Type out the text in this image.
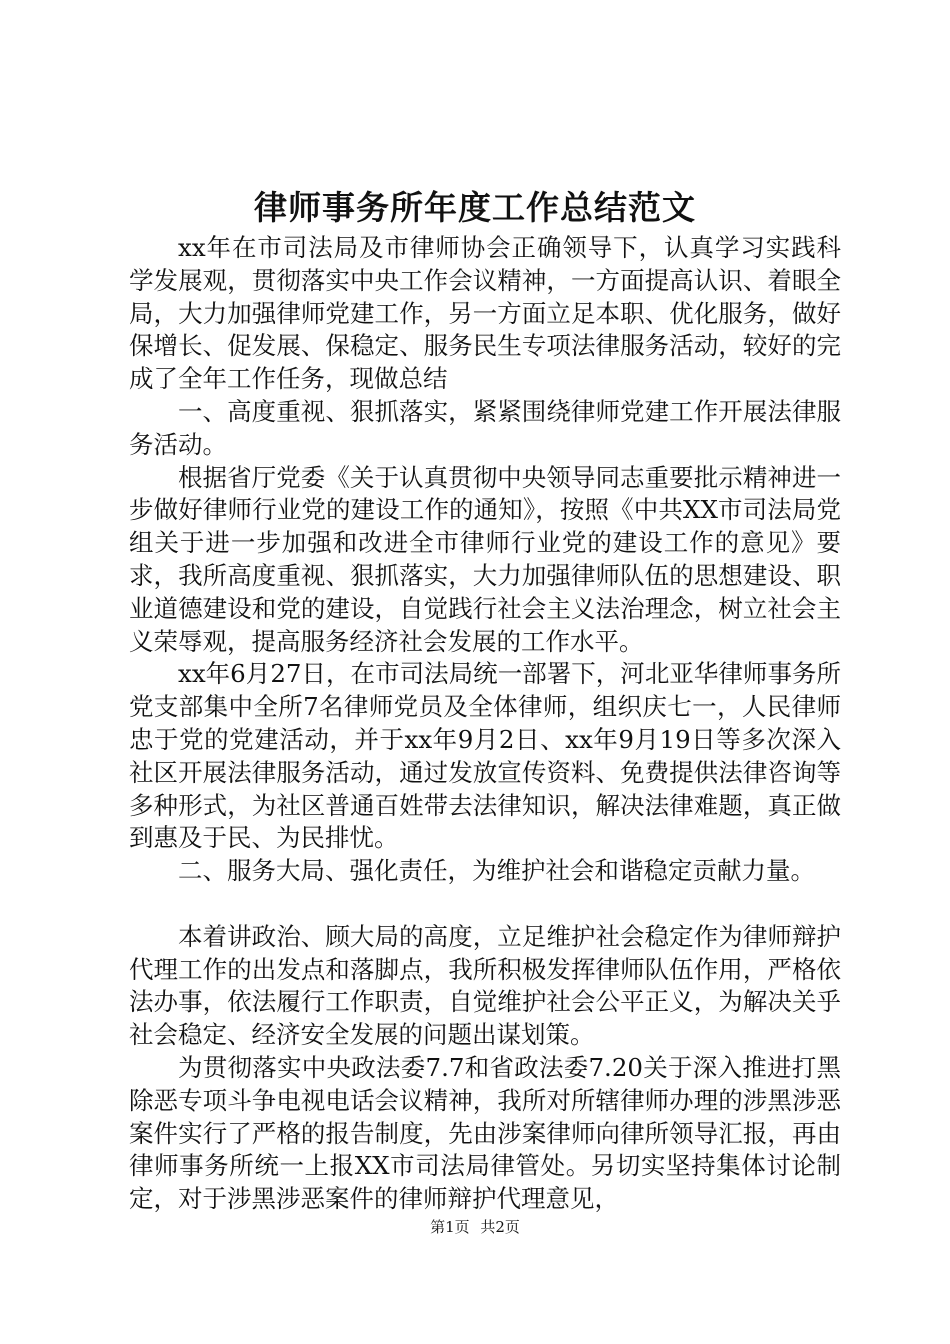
律师事务所年度工作总结范文

xx年在市司法局及市律师协会正确领导下，认真学习实践科学发展观，贯彻落实中央工作会议精神，一方面提高认识、着眼全局，大力加强律师党建工作，另一方面立足本职、优化服务，做好保增长、促发展、保稳定、服务民生专项法律服务活动，较好的完成了全年工作任务，现做总结

一、高度重视、狠抓落实，紧紧围绕律师党建工作开展法律服务活动。

根据省厅党委《关于认真贯彻中央领导同志重要批示精神进一步做好律师行业党的建设工作的通知》，按照《中共XX市司法局党组关于进一步加强和改进全市律师行业党的建设工作的意见》要求，我所高度重视、狠抓落实，大力加强律师队伍的思想建设、职业道德建设和党的建设，自觉践行社会主义法治理念，树立社会主义荣辱观，提高服务经济社会发展的工作水平。

xx年6月27日，在市司法局统一部署下，河北亚华律师事务所党支部集中全所7名律师党员及全体律师，组织庆七一，人民律师忠于党的党建活动，并于xx年9月2日、xx年9月19日等多次深入社区开展法律服务活动，通过发放宣传资料、免费提供法律咨询等多种形式，为社区普通百姓带去法律知识，解决法律难题，真正做到惠及于民、为民排忧。

二、服务大局、强化责任，为维护社会和谐稳定贡献力量。

本着讲政治、顾大局的高度，立足维护社会稳定作为律师辩护代理工作的出发点和落脚点，我所积极发挥律师队伍作用，严格依法办事，依法履行工作职责，自觉维护社会公平正义，为解决关乎社会稳定、经济安全发展的问题出谋划策。

为贯彻落实中央政法委7.7和省政法委7.20关于深入推进打黑除恶专项斗争电视电话会议精神，我所对所辖律师办理的涉黑涉恶案件实行了严格的报告制度，先由涉案律师向律所领导汇报，再由律师事务所统一上报XX市司法局律管处。另切实坚持集体讨论制定，对于涉黑涉恶案件的律师辩护代理意见，

第1页 共2页
